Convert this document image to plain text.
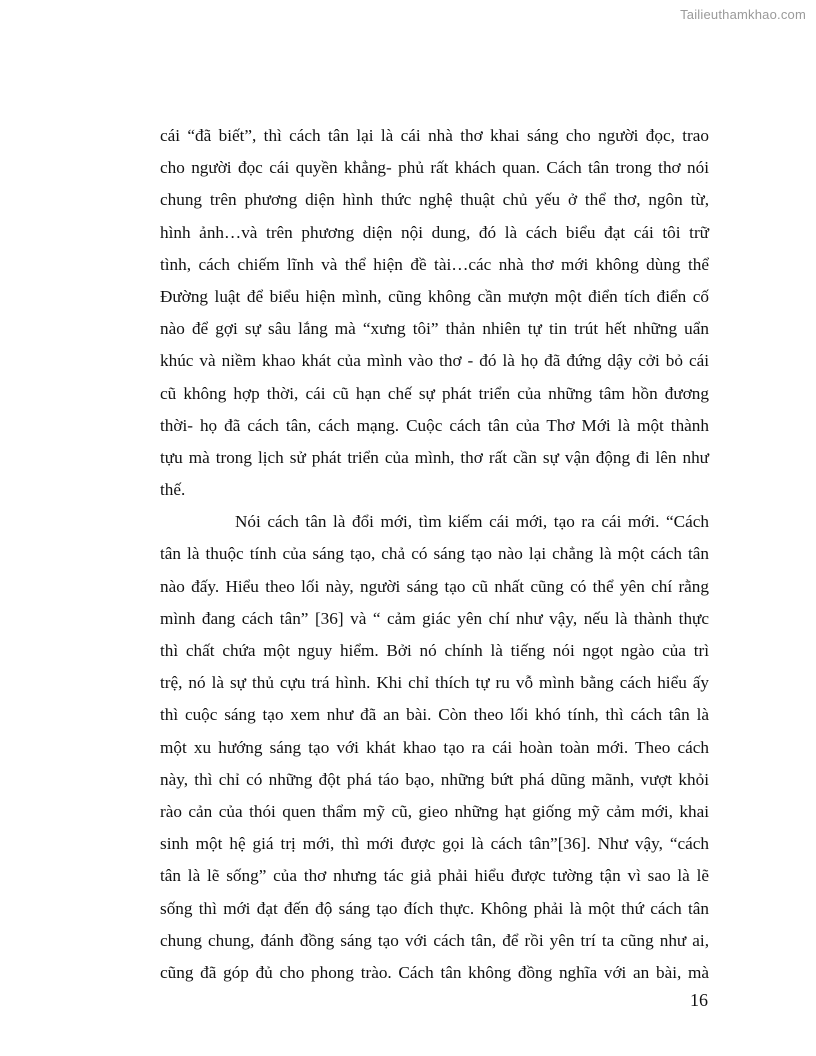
Tailieuthamkhao.com
cái “đã biết”, thì cách tân lại là cái nhà thơ khai sáng cho người đọc, trao
cho người đọc cái quyền khẳng- phủ rất khách quan. Cách tân trong thơ nói
chung trên phương diện hình thức nghệ thuật chủ yếu ở thể thơ, ngôn từ,
hình ảnh…và trên phương diện nội dung, đó là cách biểu đạt cái tôi trữ
tình, cách chiếm lĩnh và thể hiện đề tài…các nhà thơ mới không dùng thể
Đường luật để biểu hiện mình, cũng không cần mượn một điển tích điển cố
nào để gợi sự sâu lắng mà “xưng tôi” thản nhiên tự tin trút hết những uẩn
khúc và niềm khao khát của mình vào thơ - đó là họ đã đứng dậy cởi bỏ cái
cũ không hợp thời, cái cũ hạn chế sự phát triển của những tâm hồn đương
thời- họ đã cách tân, cách mạng. Cuộc cách tân của Thơ Mới là một thành
tựu mà trong lịch sử phát triển của mình, thơ rất cần sự vận động đi lên như
thế.
Nói cách tân là đổi mới, tìm kiếm cái mới, tạo ra cái mới. “Cách
tân là thuộc tính của sáng tạo, chả có sáng tạo nào lại chẳng là một cách tân
nào đấy. Hiểu theo lối này, người sáng tạo cũ nhất cũng có thể yên chí rằng
mình đang cách tân” [36] và “ cảm giác yên chí như vậy, nếu là thành thực
thì chất chứa một nguy hiểm. Bởi nó chính là tiếng nói ngọt ngào của trì
trệ, nó là sự thủ cựu trá hình. Khi chỉ thích tự ru vỗ mình bằng cách hiểu ấy
thì cuộc sáng tạo xem như đã an bài. Còn theo lối khó tính, thì cách tân là
một xu hướng sáng tạo với khát khao tạo ra cái hoàn toàn mới. Theo cách
này, thì chỉ có những đột phá táo bạo, những bứt phá dũng mãnh, vượt khỏi
rào cản của thói quen thẩm mỹ cũ, gieo những hạt giống mỹ cảm mới, khai
sinh một hệ giá trị mới, thì mới được gọi là cách tân”[36]. Như vậy, “cách
tân là lẽ sống” của thơ nhưng tác giả phải hiểu được tường tận vì sao là lẽ
sống thì mới đạt đến độ sáng tạo đích thực. Không phải là một thứ cách tân
chung chung, đánh đồng sáng tạo với cách tân, để rồi yên trí ta cũng như ai,
cũng đã góp đủ cho phong trào. Cách tân không đồng nghĩa với an bài, mà
16
